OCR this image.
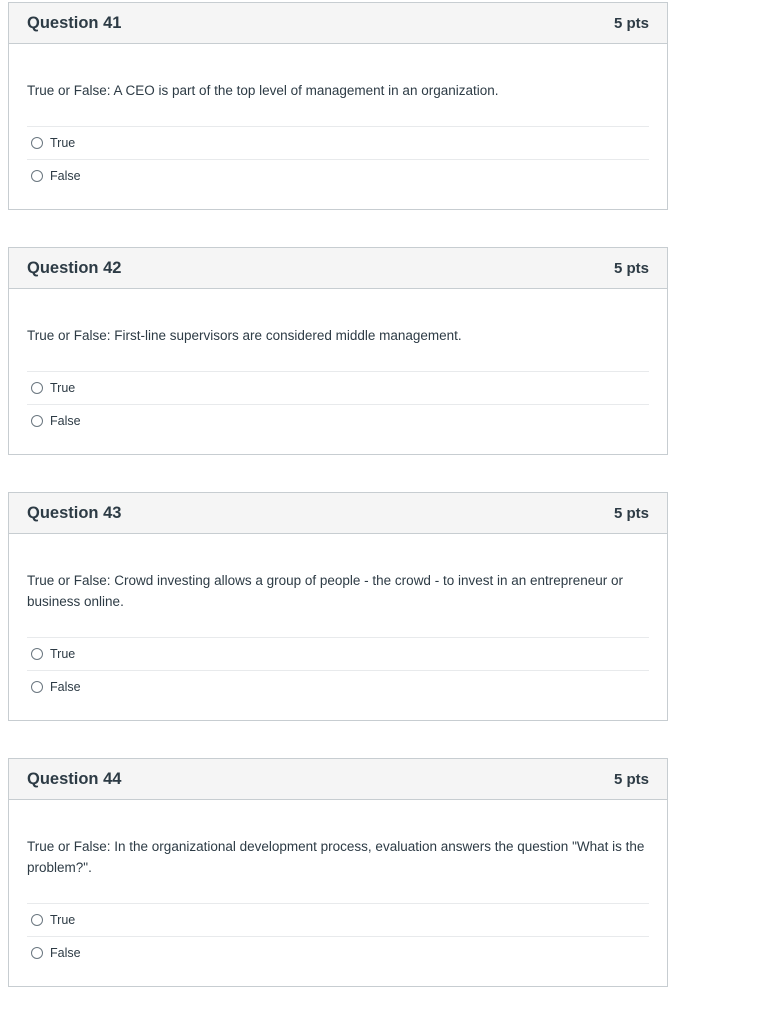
Question 41	5 pts

True or False: A CEO is part of the top level of management in an organization.

True
False
Question 42	5 pts

True or False: First-line supervisors are considered middle management.

True
False
Question 43	5 pts

True or False: Crowd investing allows a group of people - the crowd - to invest in an entrepreneur or business online.

True
False
Question 44	5 pts

True or False: In the organizational development process, evaluation answers the question "What is the problem?".

True
False
